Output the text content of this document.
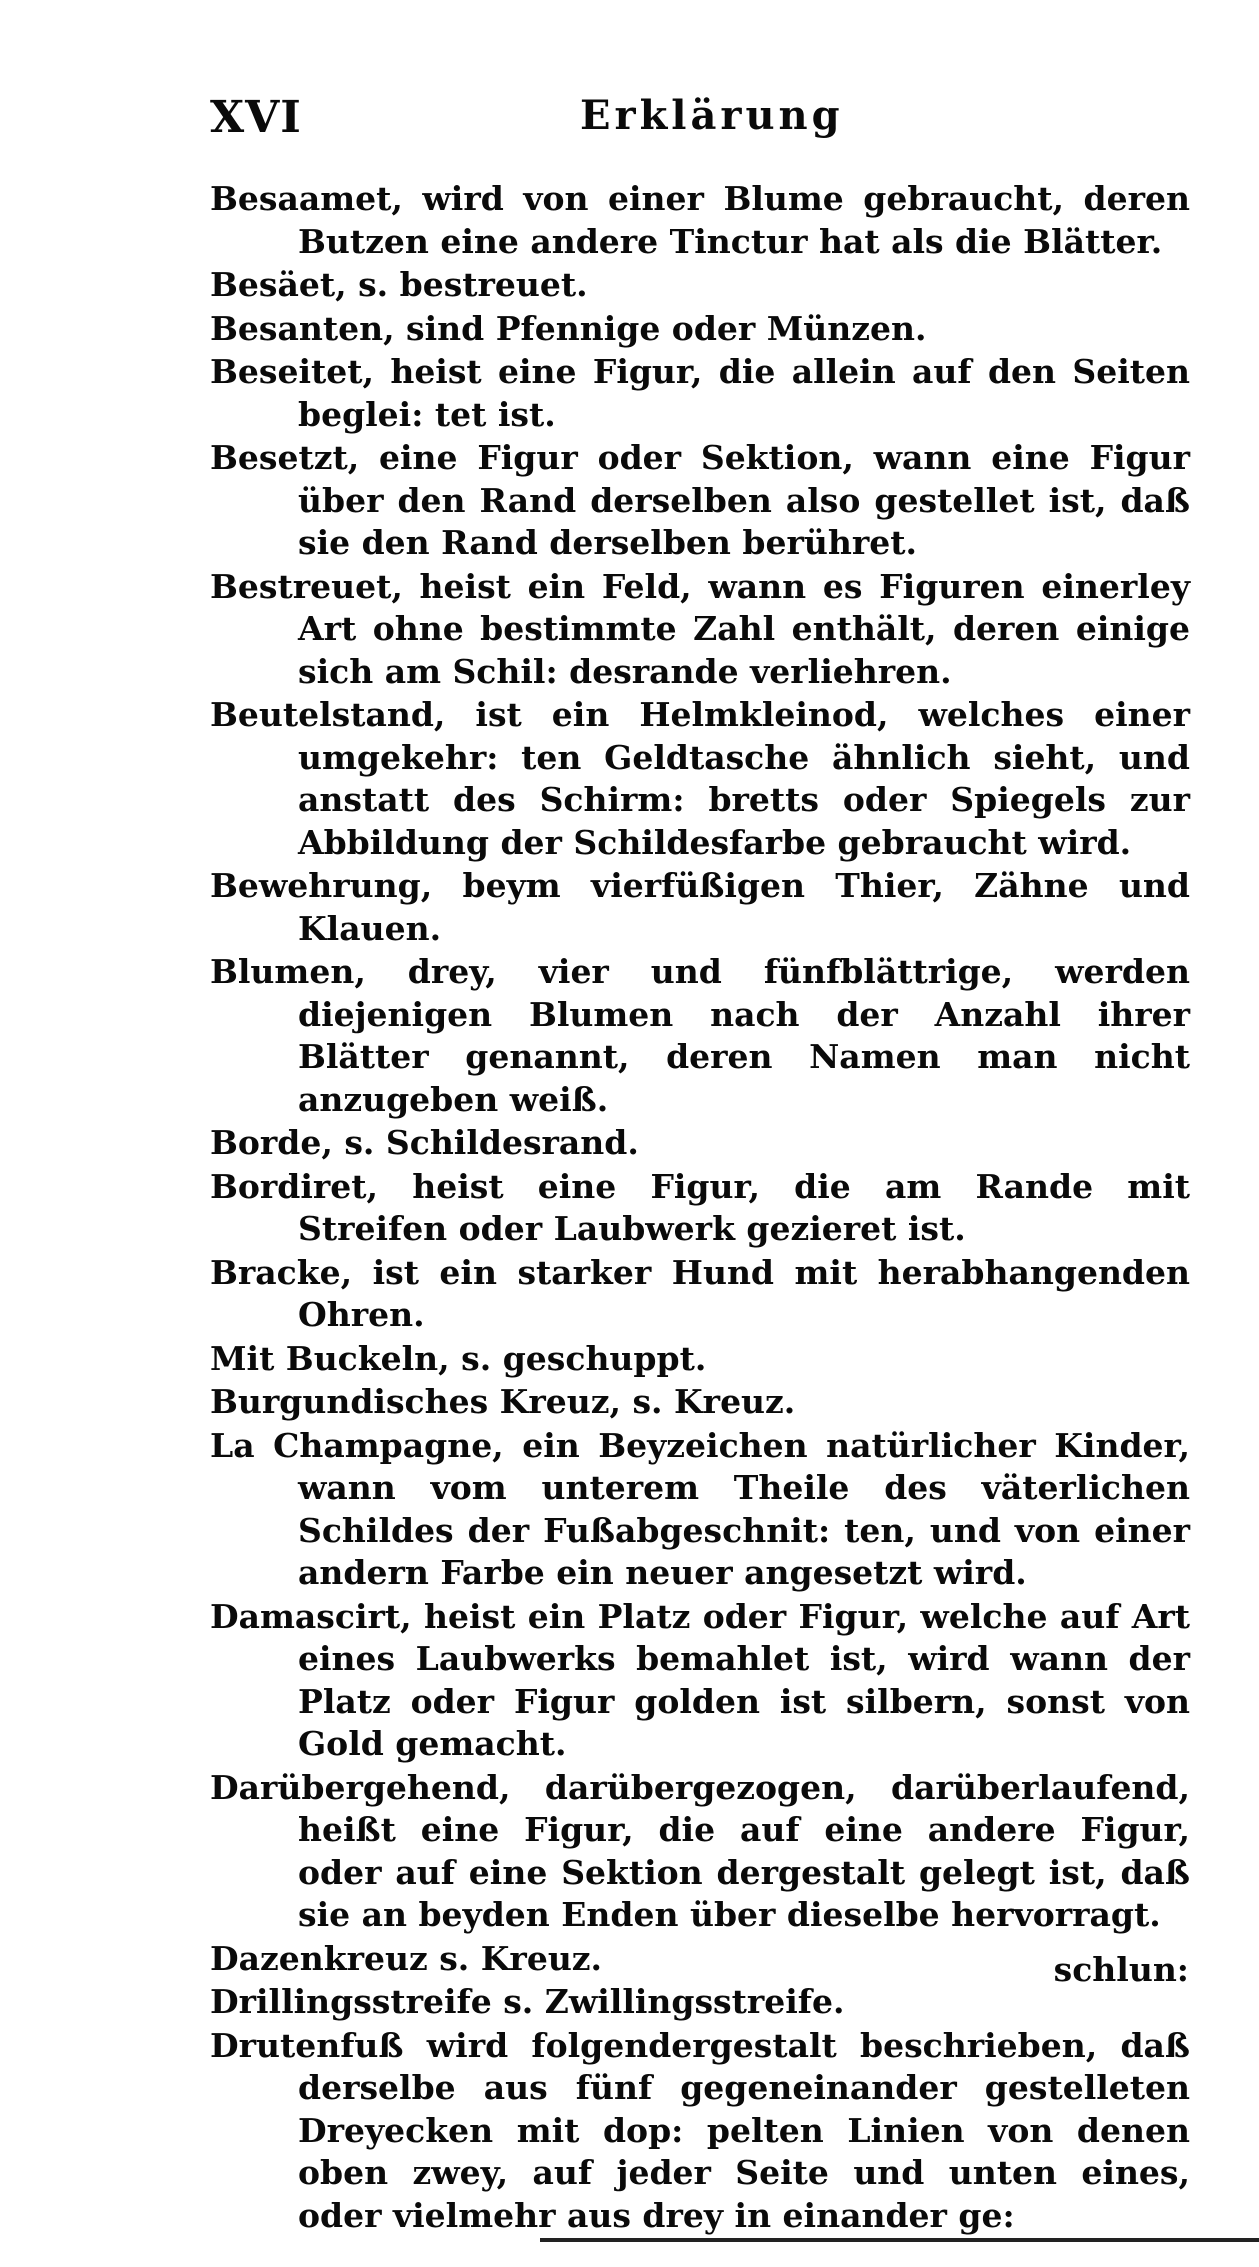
XVI	Erklärung
Besaamet, wird von einer Blume gebraucht, deren Butzen eine andere Tinctur hat als die Blätter.
Besäet, s. bestreuet.
Besanten, sind Pfennige oder Münzen.
Beseitet, heist eine Figur, die allein auf den Seiten beglei: tet ist.
Besetzt, eine Figur oder Sektion, wann eine Figur über den Rand derselben also gestellet ist, daß sie den Rand derselben berühret.
Bestreuet, heist ein Feld, wann es Figuren einerley Art ohne bestimmte Zahl enthält, deren einige sich am Schil: desrande verliehren.
Beutelstand, ist ein Helmkleinod, welches einer umgekehr: ten Geldtasche ähnlich sieht, und anstatt des Schirm: bretts oder Spiegels zur Abbildung der Schildesfarbe gebraucht wird.
Bewehrung, beym vierfüßigen Thier, Zähne und Klauen.
Blumen, drey, vier und fünfblättrige, werden diejenigen Blumen nach der Anzahl ihrer Blätter genannt, deren Namen man nicht anzugeben weiß.
Borde, s. Schildesrand.
Bordiret, heist eine Figur, die am Rande mit Streifen oder Laubwerk gezieret ist.
Bracke, ist ein starker Hund mit herabhangenden Ohren.
Mit Buckeln, s. geschuppt.
Burgundisches Kreuz, s. Kreuz.
La Champagne, ein Beyzeichen natürlicher Kinder, wann vom unterem Theile des väterlichen Schildes der Fußabgeschnit: ten, und von einer andern Farbe ein neuer angesetzt wird.
Damascirt, heist ein Platz oder Figur, welche auf Art eines Laubwerks bemahlet ist, wird wann der Platz oder Figur golden ist silbern, sonst von Gold gemacht.
Darübergehend, darübergezogen, darüberlaufend, heißt eine Figur, die auf eine andere Figur, oder auf eine Sektion dergestalt gelegt ist, daß sie an beyden Enden über dieselbe hervorragt.
Dazenkreuz s. Kreuz.
Drillingsstreife s. Zwillingsstreife.
Drutenfuß wird folgendergestalt beschrieben, daß derselbe aus fünf gegeneinander gestelleten Dreyecken mit dop: pelten Linien von denen oben zwey, auf jeder Seite und unten eines, oder vielmehr aus drey in einander ge:
schlun:
